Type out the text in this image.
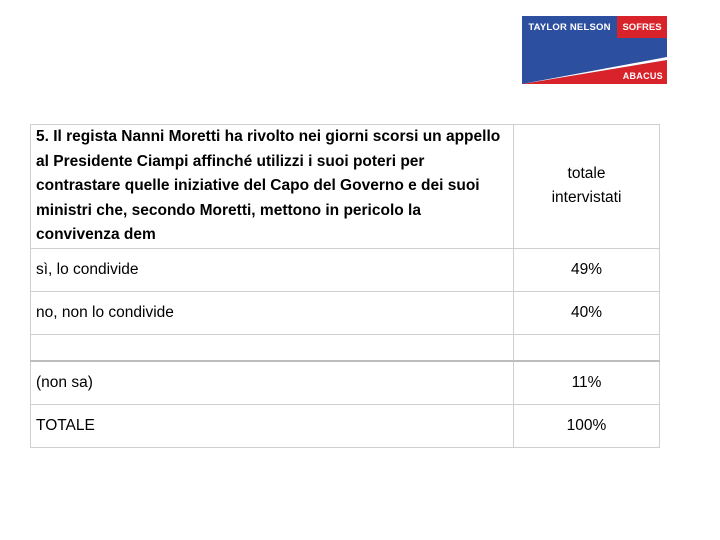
TAYLOR NELSON	SOFRES
ABACUS
5. Il regista Nanni Moretti ha rivolto nei giorni scorsi un appello al Presidente Ciampi affinché utilizzi i suoi poteri per contrastare quelle iniziative del Capo del Governo e dei suoi ministri che, secondo Moretti, mettono in pericolo la convivenza dem	totale
intervistati
sì, lo condivide	49%
no, non lo condivide	40%

(non sa)	11%
TOTALE	100%
